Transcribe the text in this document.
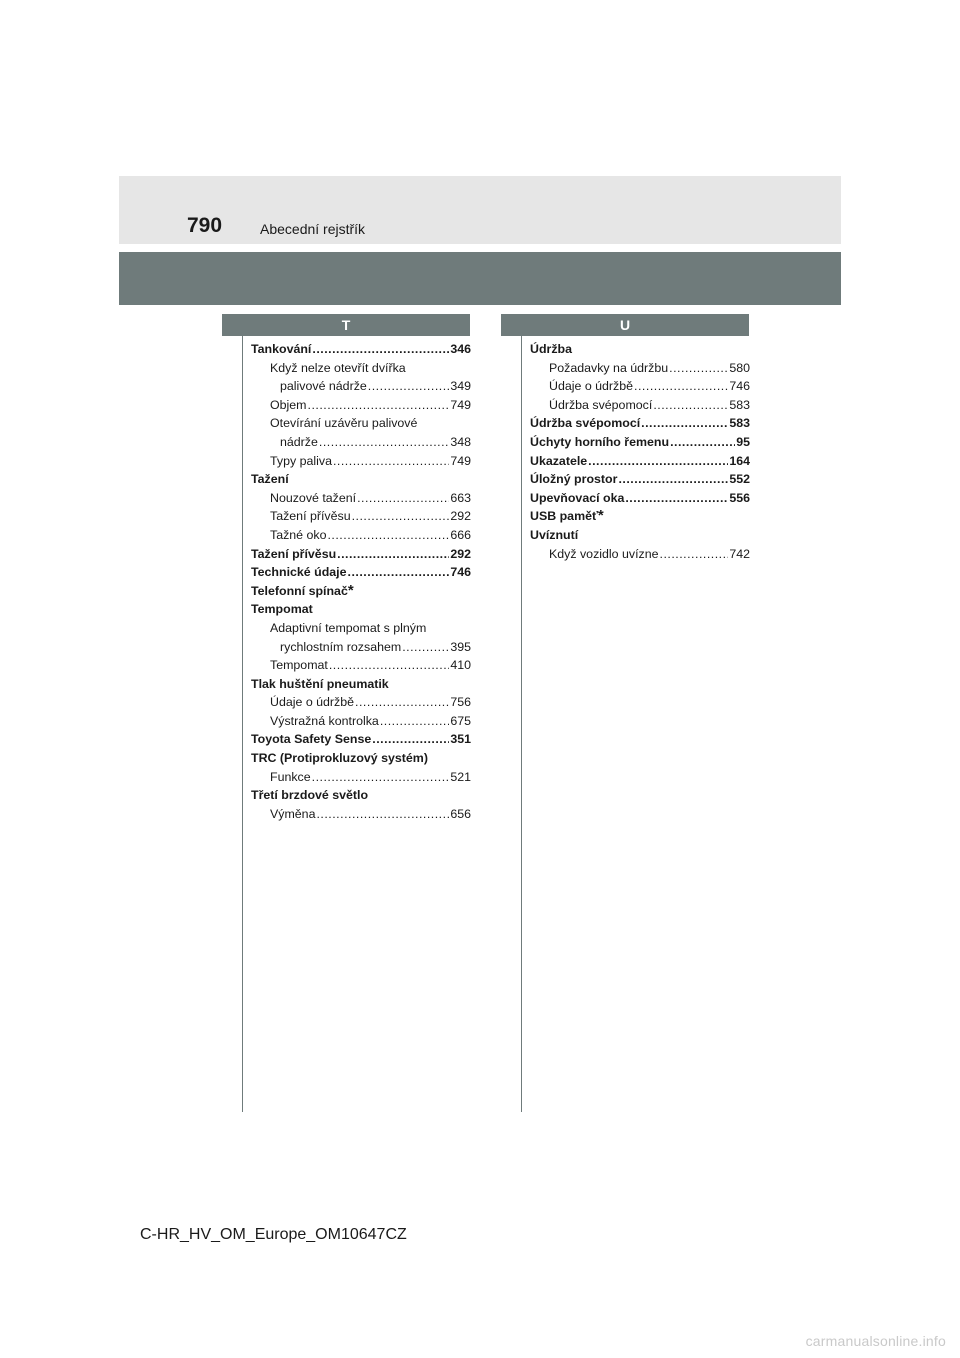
790	Abecední rejstřík
T	U
Tankování .....	346
Když nelze otevřít dvířka
palivové nádrže .....	349
Objem .....	749
Otevírání uzávěru palivové
nádrže .....	348
Typy paliva .....	749
Tažení
Nouzové tažení .....	663
Tažení přívěsu .....	292
Tažné oko .....	666
Tažení přívěsu .....	292
Technické údaje .....	746
Telefonní spínač *
Tempomat
Adaptivní tempomat s plným
rychlostním rozsahem .....	395
Tempomat .....	410
Tlak huštění pneumatik
Údaje o údržbě .....	756
Výstražná kontrolka .....	675
Toyota Safety Sense .....	351
TRC (Protiprokluzový systém)
Funkce .....	521
Třetí brzdové světlo
Výměna .....	656
Údržba
Požadavky na údržbu .....	580
Údaje o údržbě .....	746
Údržba svépomocí .....	583
Údržba svépomocí .....	583
Úchyty horního řemenu .....	95
Ukazatele .....	164
Úložný prostor .....	552
Upevňovací oka .....	556
USB paměť *
Uvíznutí
Když vozidlo uvízne .....	742
C-HR_HV_OM_Europe_OM10647CZ
carmanualsonline.info
